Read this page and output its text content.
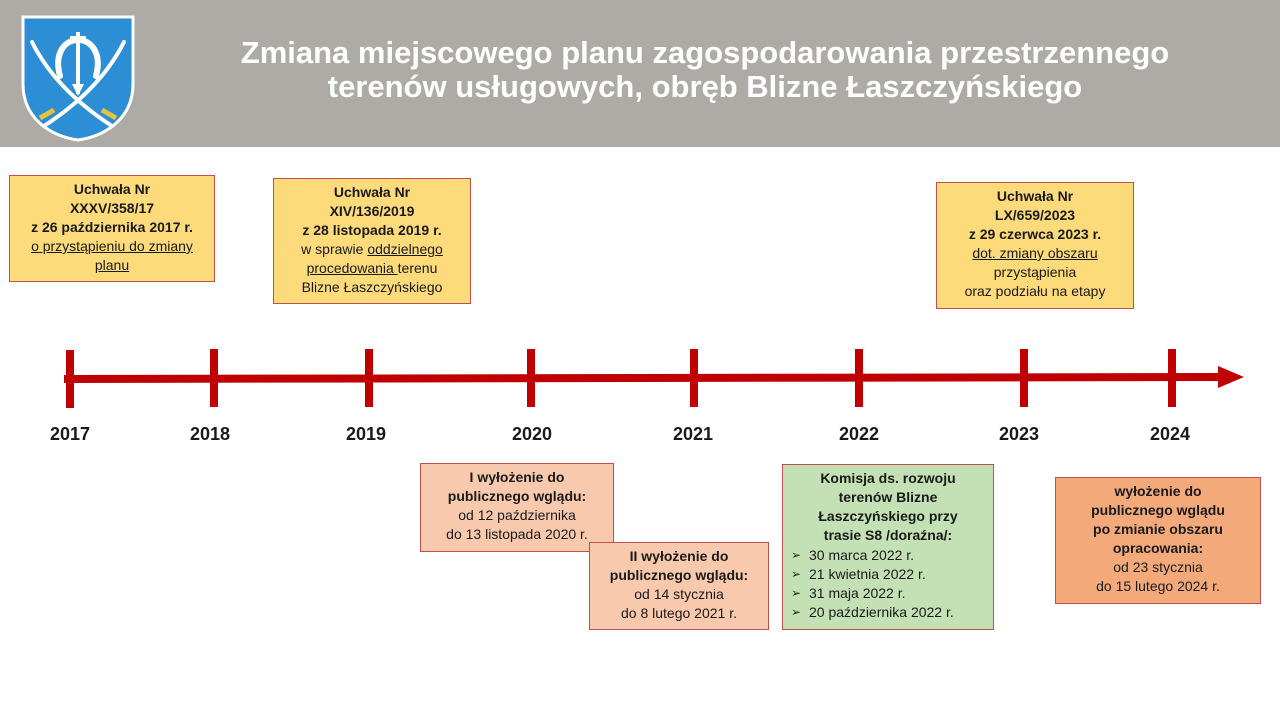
Zmiana miejscowego planu zagospodarowania przestrzennego
terenów usługowych, obręb Blizne Łaszczyńskiego
2017	2018	2019	2020	2021	2022	2023	2024
Uchwała Nr
XXXV/358/17
z 26 października 2017 r.
o przystąpieniu do zmiany
planu
Uchwała Nr
XIV/136/2019
z 28 listopada 2019 r.
w sprawie oddzielnego
procedowania terenu
Blizne Łaszczyńskiego
Uchwała Nr
LX/659/2023
z 29 czerwca 2023 r.
dot. zmiany obszaru
przystąpienia
oraz podziału na etapy
I wyłożenie do
publicznego wglądu:
od 12 października
do 13 listopada 2020 r.
II wyłożenie do
publicznego wglądu:
od 14 stycznia
do 8 lutego 2021 r.
Komisja ds. rozwoju
terenów Blizne
Łaszczyńskiego przy
trasie S8 /doraźna/:
➢ 30 marca 2022 r.
➢ 21 kwietnia 2022 r.
➢ 31 maja 2022 r.
➢ 20 października 2022 r.
wyłożenie do
publicznego wglądu
po zmianie obszaru
opracowania:
od 23 stycznia
do 15 lutego 2024 r.
